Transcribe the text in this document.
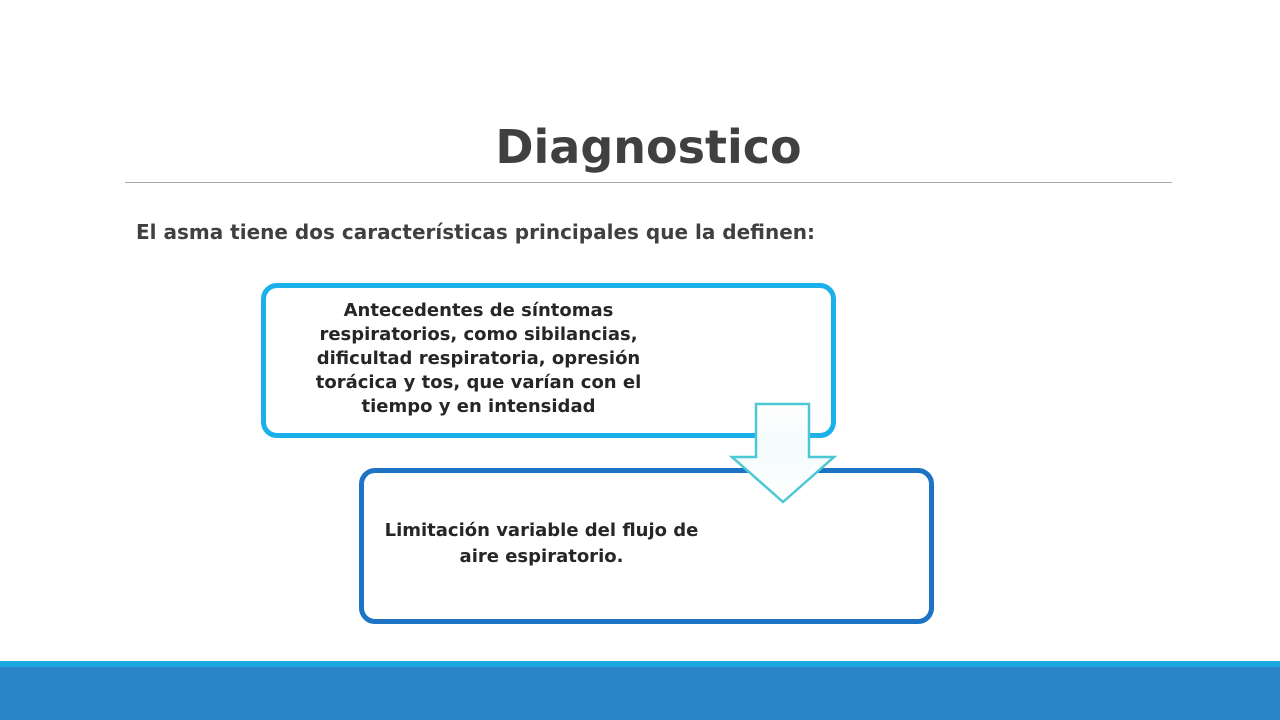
Diagnostico
El asma tiene dos características principales que la definen:
Antecedentes de síntomas respiratorios, como sibilancias, dificultad respiratoria, opresión torácica y tos, que varían con el tiempo y en intensidad
Limitación variable del flujo de aire espiratorio.
